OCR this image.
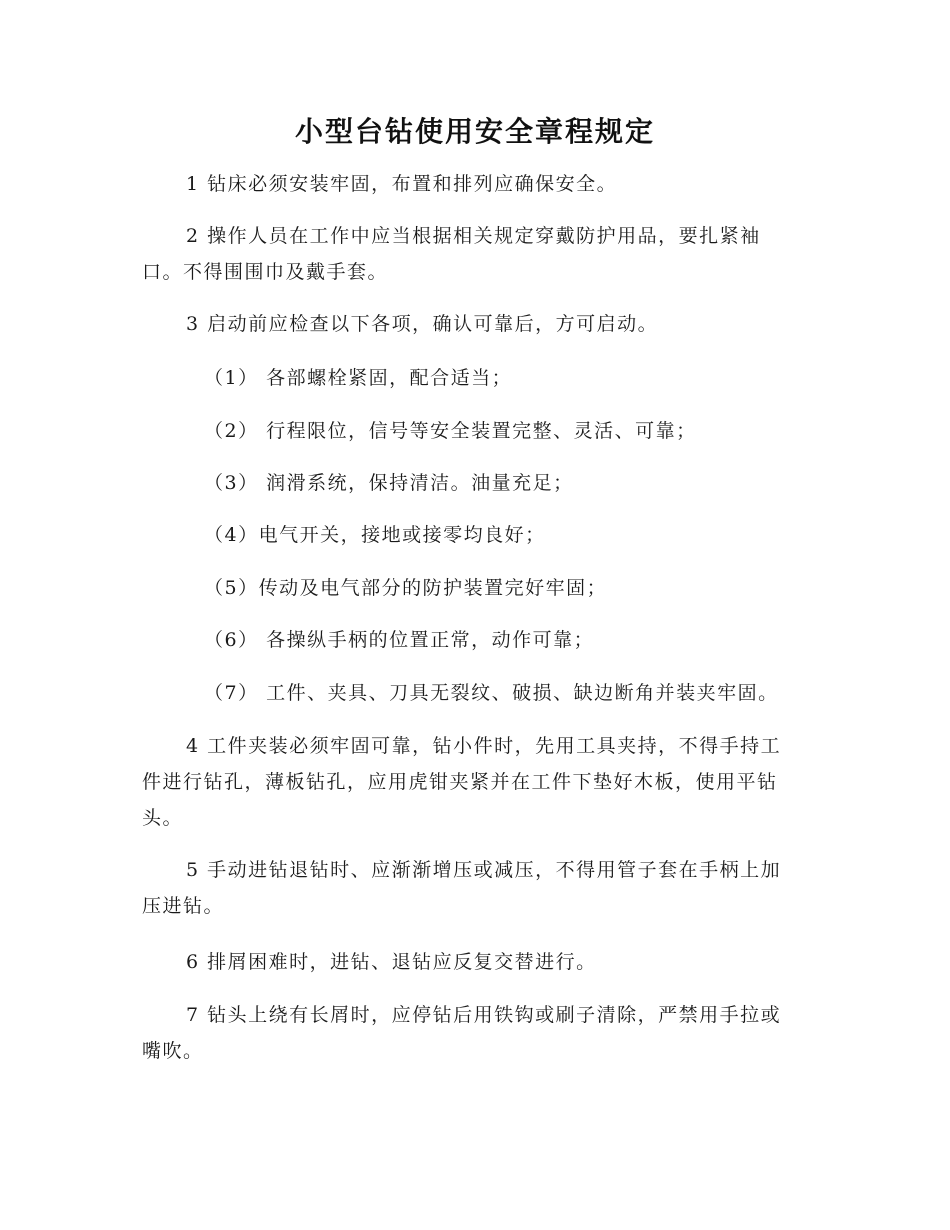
小型台钻使用安全章程规定

1 钻床必须安装牢固，布置和排列应确保安全。

2 操作人员在工作中应当根据相关规定穿戴防护用品，要扎紧袖口。不得围围巾及戴手套。

3 启动前应检查以下各项，确认可靠后，方可启动。

（1） 各部螺栓紧固，配合适当；

（2） 行程限位，信号等安全装置完整、灵活、可靠；

（3） 润滑系统，保持清洁。油量充足；

（4）电气开关，接地或接零均良好；

（5）传动及电气部分的防护装置完好牢固；

（6） 各操纵手柄的位置正常，动作可靠；

（7） 工件、夹具、刀具无裂纹、破损、缺边断角并装夹牢固。

4 工件夹装必须牢固可靠，钻小件时，先用工具夹持，不得手持工件进行钻孔，薄板钻孔，应用虎钳夹紧并在工件下垫好木板，使用平钻头。

5 手动进钻退钻时、应渐渐增压或减压，不得用管子套在手柄上加压进钻。

6 排屑困难时，进钻、退钻应反复交替进行。

7 钻头上绕有长屑时，应停钻后用铁钩或刷子清除，严禁用手拉或嘴吹。
